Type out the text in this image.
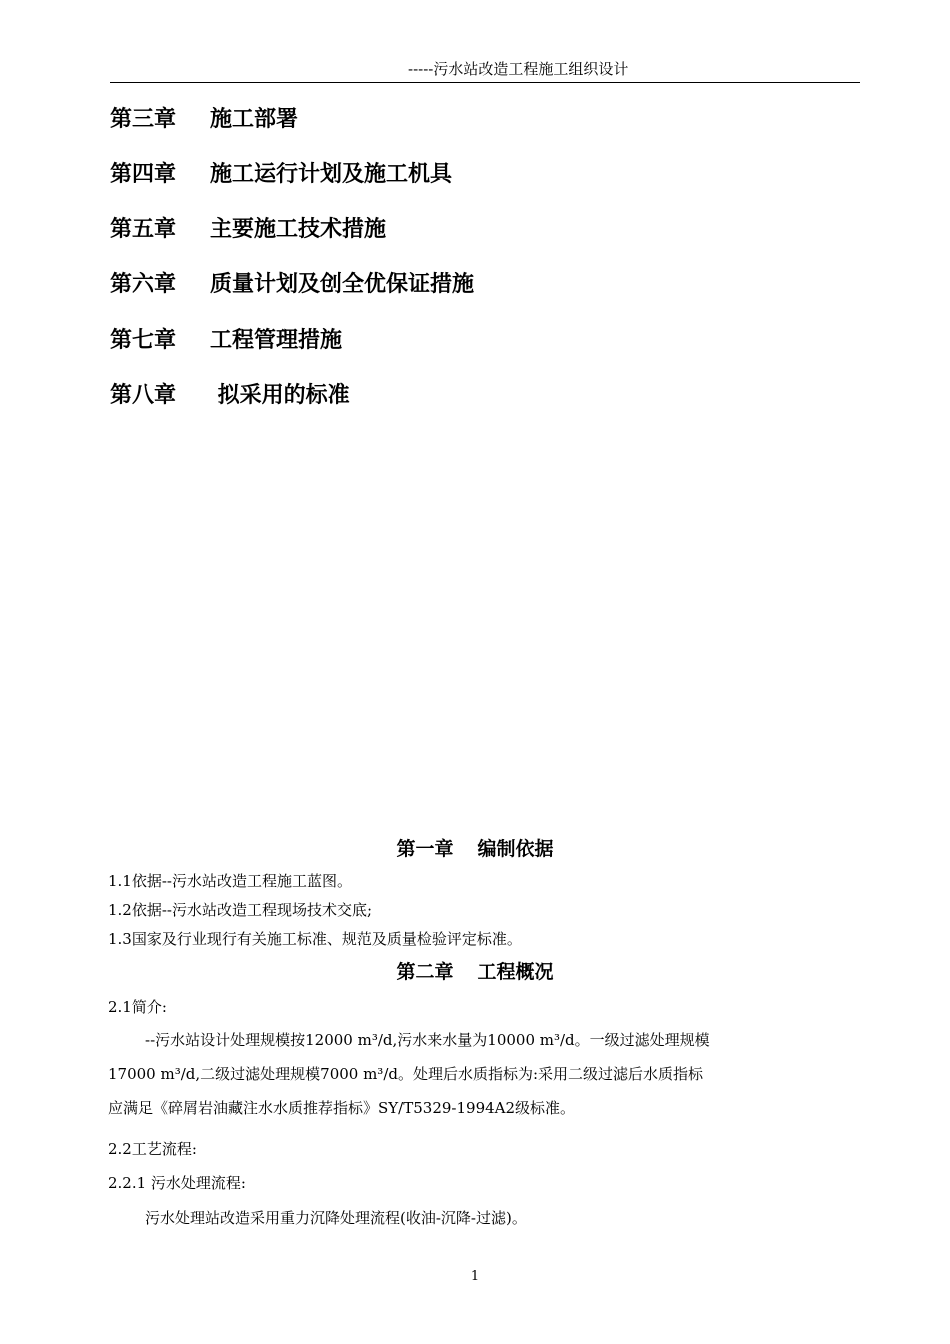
-----污水站改造工程施工组织设计
第三章 施工部署
第四章 施工运行计划及施工机具
第五章 主要施工技术措施
第六章 质量计划及创全优保证措施
第七章 工程管理措施
第八章 拟采用的标准
第一章 编制依据
1.1依据--污水站改造工程施工蓝图。
1.2依据--污水站改造工程现场技术交底;
1.3国家及行业现行有关施工标准、规范及质量检验评定标准。
第二章 工程概况
2.1简介:
--污水站设计处理规模按12000 m³/d,污水来水量为10000 m³/d。一级过滤处理规模
17000 m³/d,二级过滤处理规模7000 m³/d。处理后水质指标为:采用二级过滤后水质指标
应满足《碎屑岩油藏注水水质推荐指标》SY/T5329-1994A2级标准。
2.2工艺流程:
2.2.1 污水处理流程:
污水处理站改造采用重力沉降处理流程(收油-沉降-过滤)。
1
